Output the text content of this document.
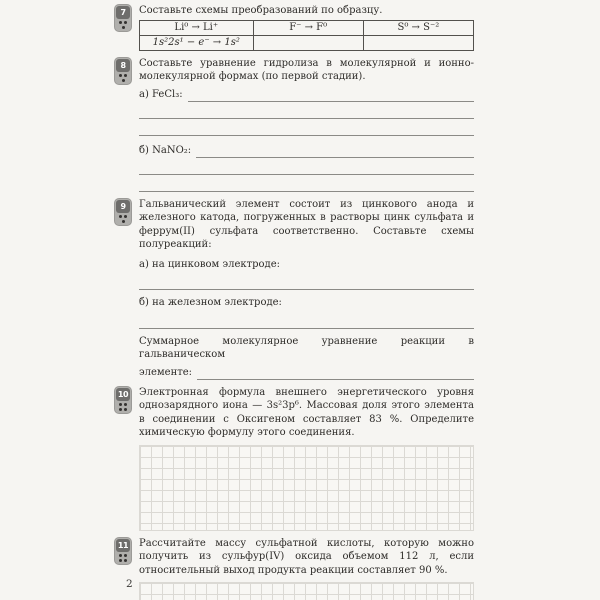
7	Составьте схемы преобразований по образцу.

Li⁰ → Li⁺	F⁻ → F⁰	S⁰ → S⁻²
1s²2s¹ − e⁻ → 1s²		
8	Составьте уравнение гидролиза в молекулярной и ионно-молекулярной формах (по первой стадии).

а) FeCl₃:
б) NaNO₂:
9	Гальванический элемент состоит из цинкового анода и железного катода, погруженных в растворы цинк сульфата и феррум(II) сульфата соответственно. Составьте схемы полуреакций:

а) на цинковом электроде:
б) на железном электроде:
Суммарное молекулярное уравнение реакции в гальваническом
элементе:
10 Электронная формула внешнего энергетического уровня однозарядного иона — 3s²3p⁶. Массовая доля этого элемента в соединении с Оксигеном составляет 83 %. Определите химическую формулу этого соединения.

11 Рассчитайте массу сульфатной кислоты, которую можно получить из сульфур(IV) оксида объемом 112 л, если относительный выход продукта реакции составляет 90 %.

2
